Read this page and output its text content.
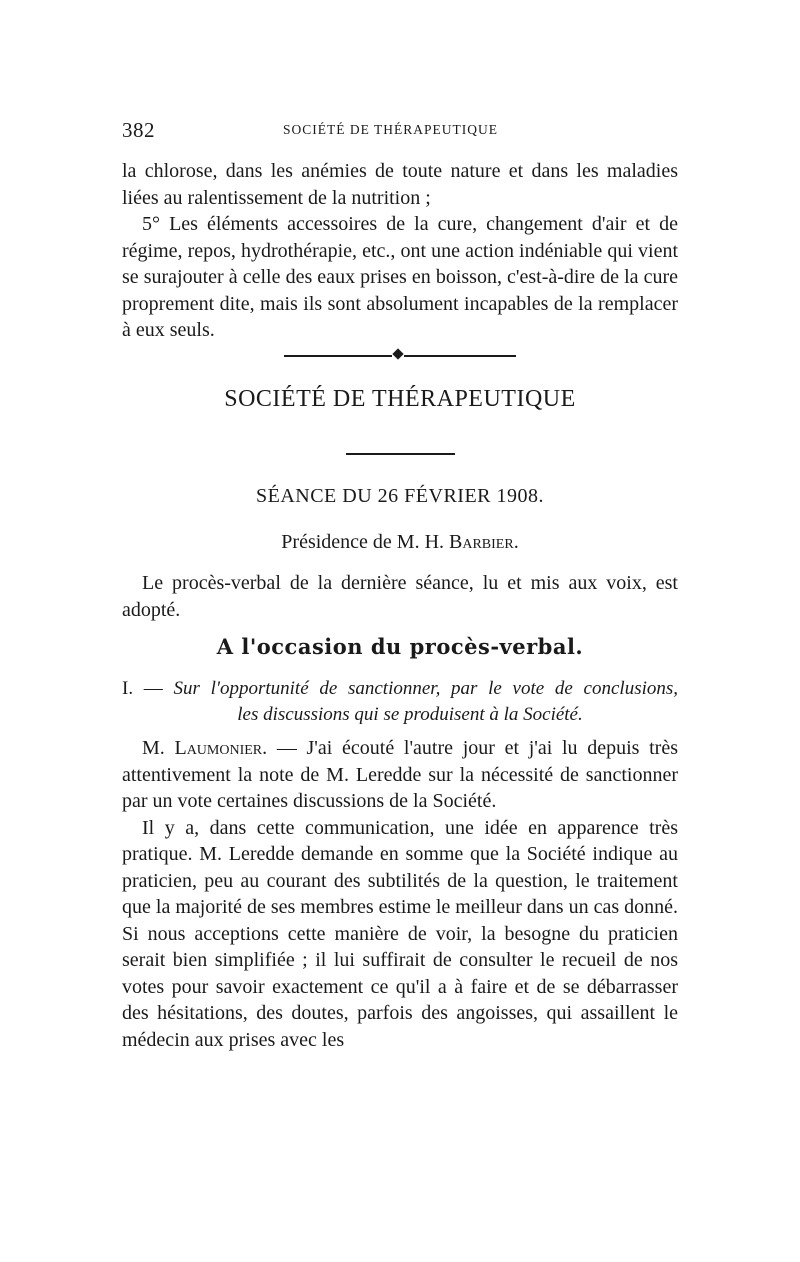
382	SOCIÉTÉ DE THÉRAPEUTIQUE

la chlorose, dans les anémies de toute nature et dans les maladies liées au ralentissement de la nutrition ;

5° Les éléments accessoires de la cure, changement d'air et de régime, repos, hydrothérapie, etc., ont une action indéniable qui vient se surajouter à celle des eaux prises en boisson, c'est-à-dire de la cure proprement dite, mais ils sont absolument incapables de la remplacer à eux seuls.

SOCIÉTÉ DE THÉRAPEUTIQUE
SÉANCE DU 26 FÉVRIER 1908.
Présidence de M. H. Barbier.

Le procès-verbal de la dernière séance, lu et mis aux voix, est adopté.

A l'occasion du procès-verbal.
I. — Sur l'opportunité de sanctionner, par le vote de conclusions,
les discussions qui se produisent à la Société.

M. Laumonier. — J'ai écouté l'autre jour et j'ai lu depuis très attentivement la note de M. Leredde sur la nécessité de sanctionner par un vote certaines discussions de la Société.

Il y a, dans cette communication, une idée en apparence très pratique. M. Leredde demande en somme que la Société indique au praticien, peu au courant des subtilités de la question, le traitement que la majorité de ses membres estime le meilleur dans un cas donné. Si nous acceptions cette manière de voir, la besogne du praticien serait bien simplifiée ; il lui suffirait de consulter le recueil de nos votes pour savoir exactement ce qu'il a à faire et de se débarrasser des hésitations, des doutes, parfois des angoisses, qui assaillent le médecin aux prises avec les
